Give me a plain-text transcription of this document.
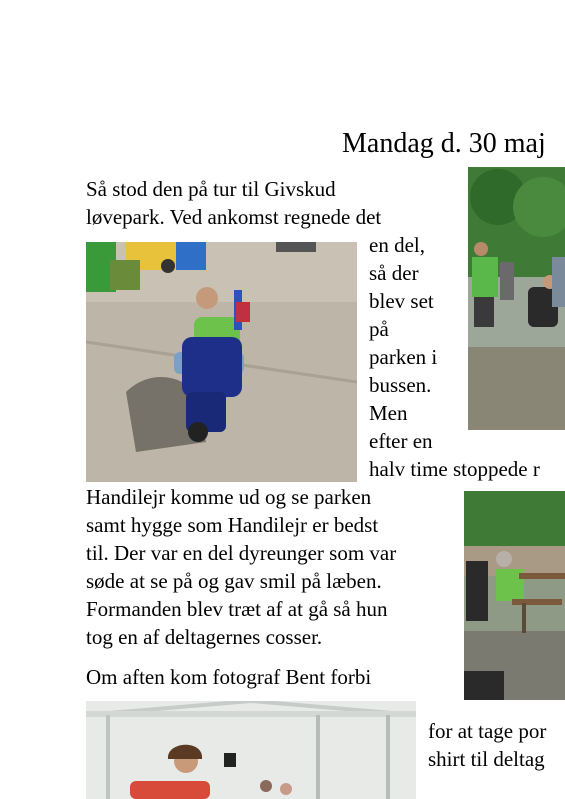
Mandag d. 30 maj
Så stod den på tur til Givskud
løvepark. Ved ankomst regnede det
en del,
så der
blev set
på
parken i
bussen.
Men
efter en
halv time stoppede r
Handilejr komme ud og se parken
samt hygge som Handilejr er bedst
til. Der var en del dyreunger som var
søde at se på og gav smil på læben.
Formanden blev træt af at gå så hun
tog en af deltagernes cosser.
Om aften kom fotograf Bent forbi
for at tage por
shirt til deltag
